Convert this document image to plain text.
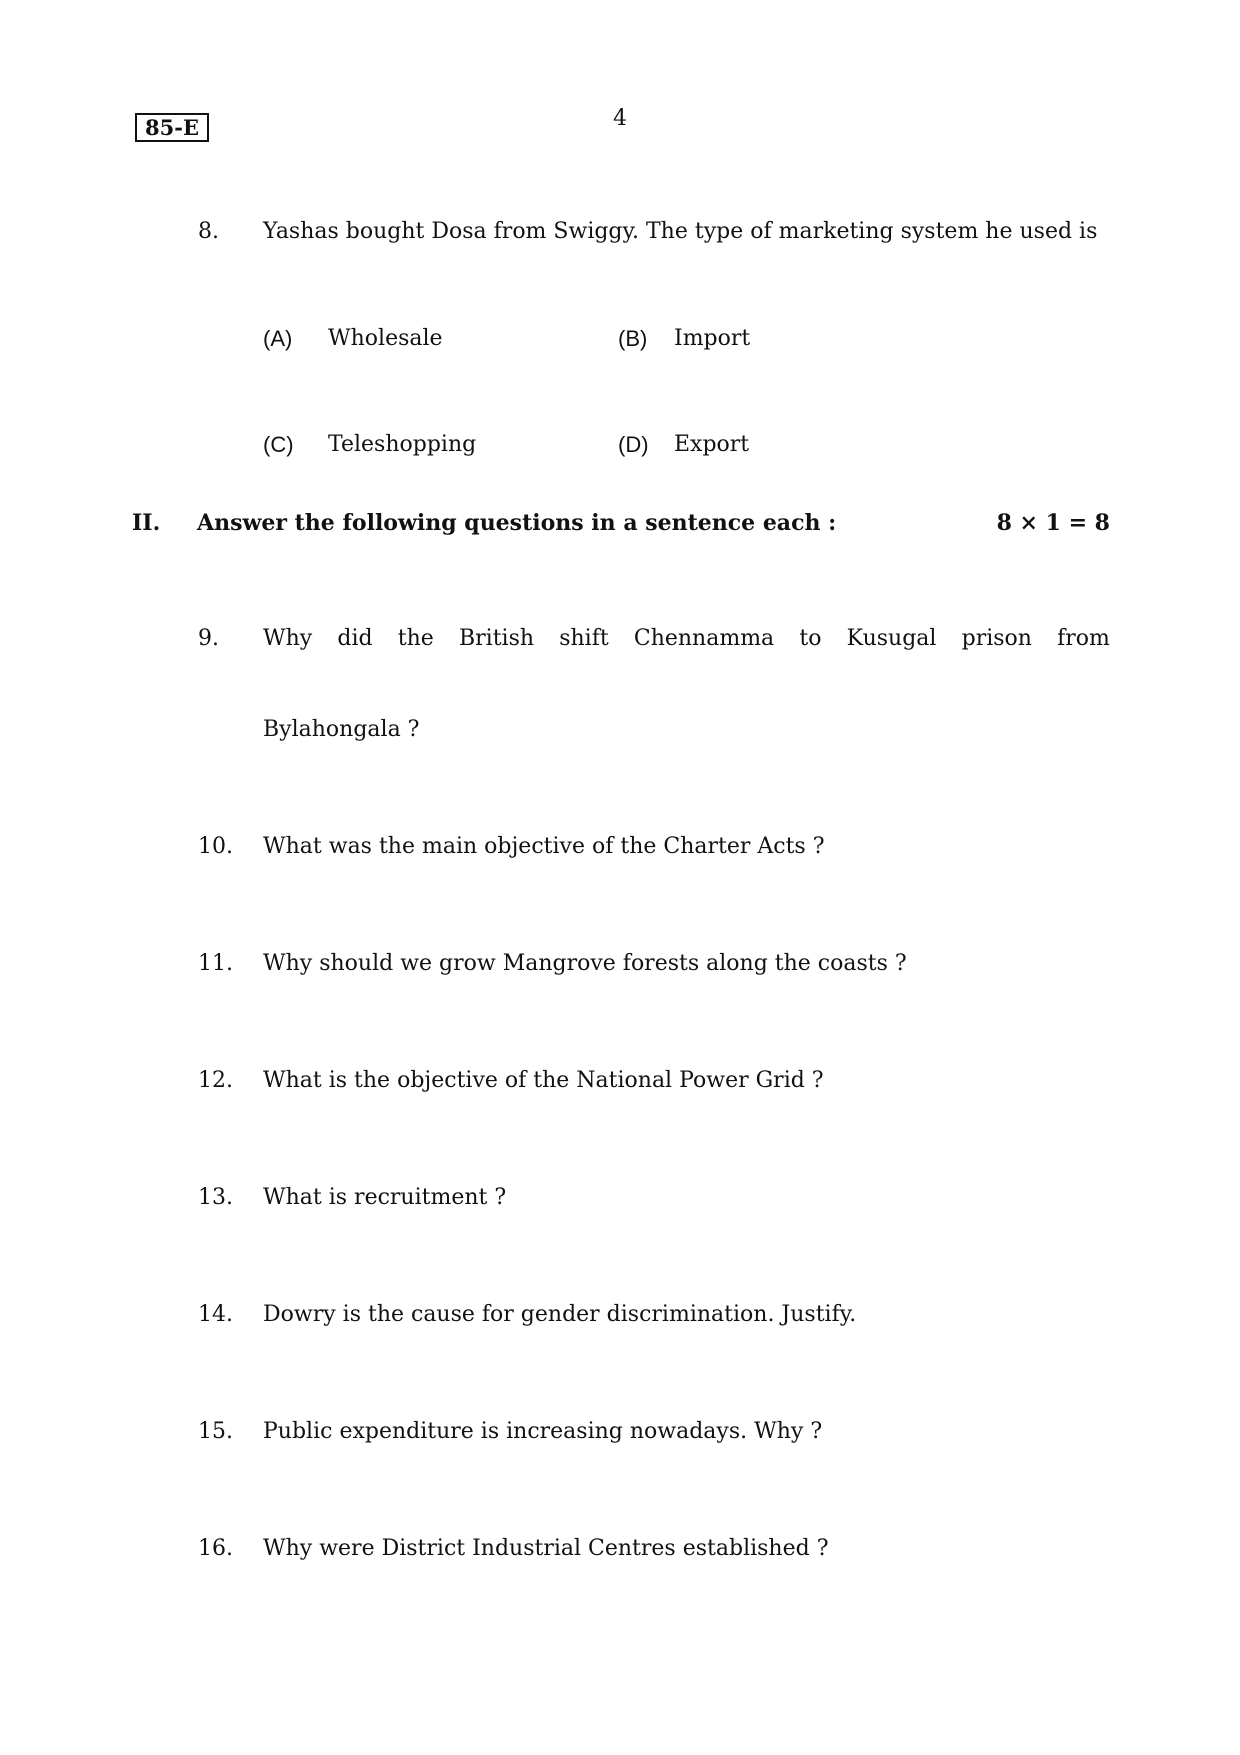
85-E	4
8. Yashas bought Dosa from Swiggy. The type of marketing system he used is
(A) Wholesale	(B) Import
(C) Teleshopping	(D) Export
II. Answer the following questions in a sentence each :	8 × 1 = 8
9. Why did the British shift Chennamma to Kusugal prison from
Bylahongala ?
10. What was the main objective of the Charter Acts ?
11. Why should we grow Mangrove forests along the coasts ?
12. What is the objective of the National Power Grid ?
13. What is recruitment ?
14. Dowry is the cause for gender discrimination. Justify.
15. Public expenditure is increasing nowadays. Why ?
16. Why were District Industrial Centres established ?
